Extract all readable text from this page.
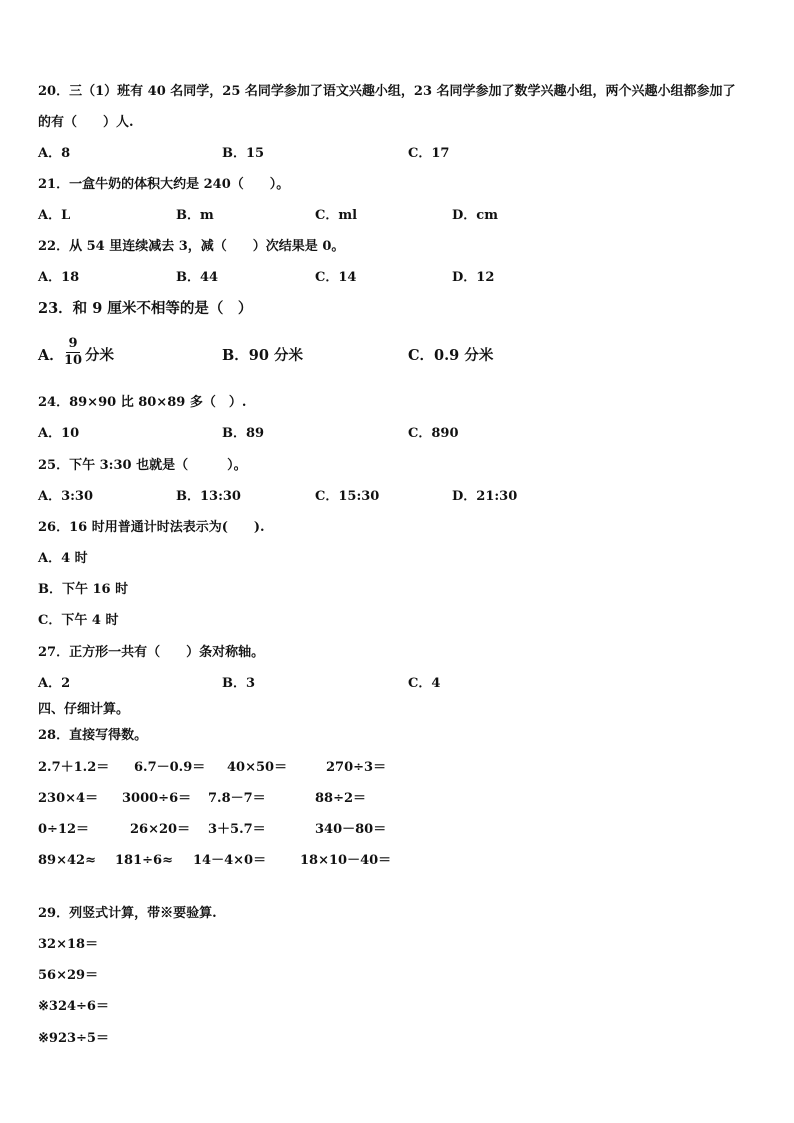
20．三（1）班有 40 名同学，25 名同学参加了语文兴趣小组，23 名同学参加了数学兴趣小组，两个兴趣小组都参加了
的有（　　）人.
A．8	B．15	C．17
21．一盒牛奶的体积大约是 240（　　）。
A．L	B．m	C．ml	D．cm
22．从 54 里连续减去 3，减（　　）次结果是 0。
A．18	B．44	C．14	D．12
23．和 9 厘米不相等的是（　）
A．
9
10 分米	B．90 分米	C．0.9 分米
24．89×90 比 80×89 多（　）.
A．10	B．89	C．890
25．下午 3:30 也就是（　　　）。
A．3:30	B．13:30	C．15:30	D．21:30
26．16 时用普通计时法表示为(　　).
A．4 时
B．下午 16 时
C．下午 4 时
27．正方形一共有（　　）条对称轴。
A．2	B．3	C．4
四、仔细计算。
28．直接写得数。
2.7＋1.2＝ 6.7－0.9＝ 40×50＝	270÷3＝
230×4＝ 3000÷6＝ 7.8－7＝	88÷2＝
0÷12＝	26×20＝ 3＋5.7＝	340－80＝
89×42≈ 181÷6≈ 14－4×0＝	18×10－40＝
29．列竖式计算，带※要验算.
32×18＝
56×29＝
※324÷6＝
※923÷5＝
